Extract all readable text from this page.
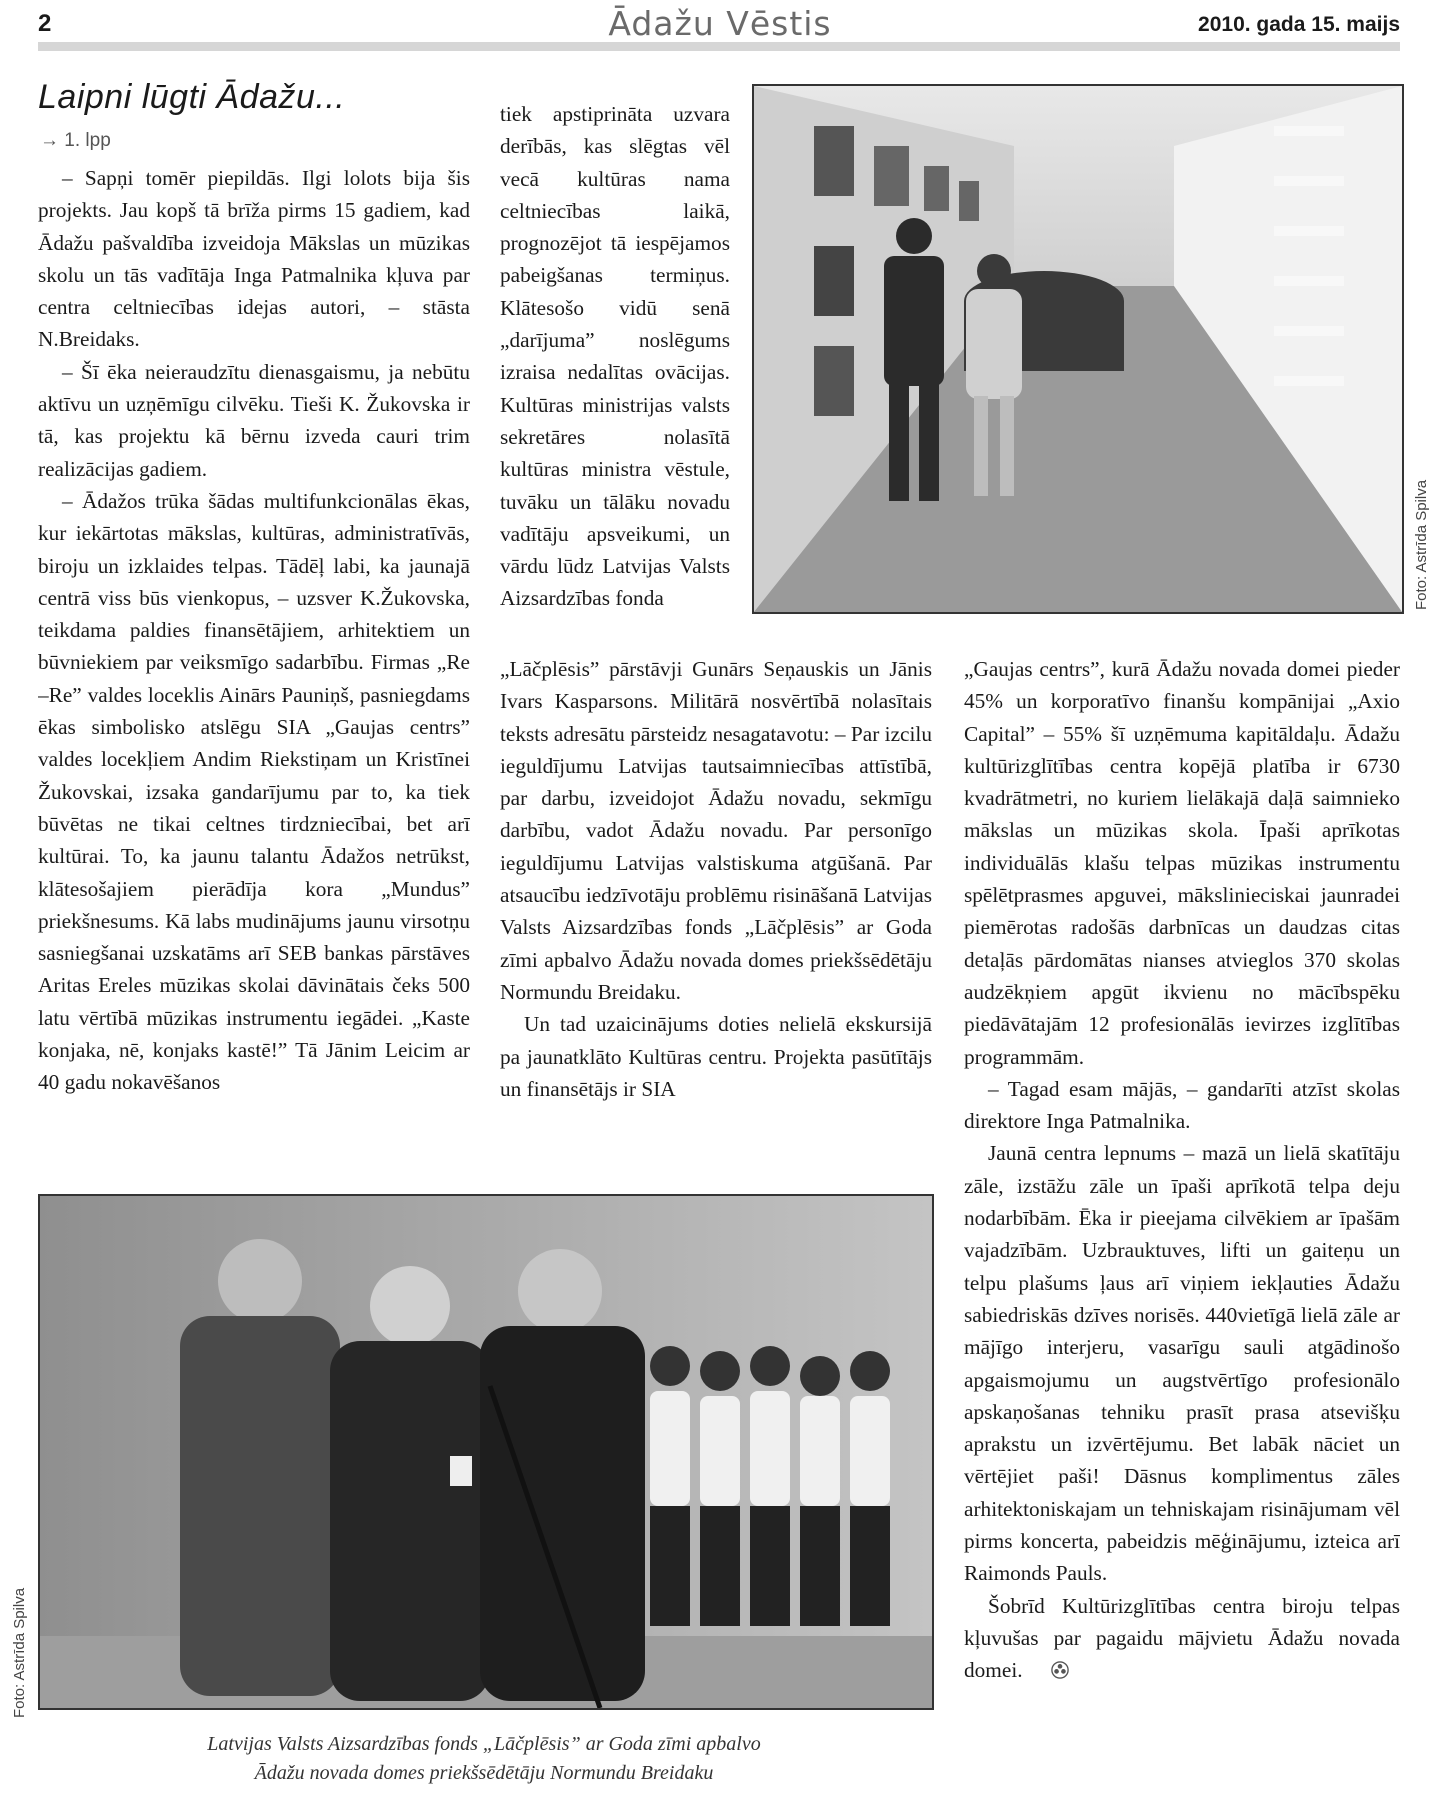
2	Ādažu Vēstis	2010. gada 15. maijs
Laipni lūgti Ādažu...
→ 1. lpp

– Sapņi tomēr piepildās. Ilgi lolots bija šis projekts. Jau kopš tā brīža pirms 15 gadiem, kad Ādažu pašvaldība izveidoja Mākslas un mūzikas skolu un tās vadītāja Inga Patmalnika kļuva par centra celtniecības idejas autori, – stāsta N.Breidaks.

– Šī ēka neieraudzītu dienasgaismu, ja nebūtu aktīvu un uzņēmīgu cilvēku. Tieši K. Žukovska ir tā, kas projektu kā bērnu izveda cauri trim realizācijas gadiem.

– Ādažos trūka šādas multifunkcionālas ēkas, kur iekārtotas mākslas, kultūras, administratīvās, biroju un izklaides telpas. Tādēļ labi, ka jaunajā centrā viss būs vienkopus, – uzsver K.Žukovska, teikdama paldies finansētājiem, arhitektiem un būvniekiem par veiksmīgo sadarbību. Firmas „Re –Re” valdes loceklis Ainārs Pauniņš, pasniegdams ēkas simbolisko atslēgu SIA „Gaujas centrs” valdes locekļiem Andim Riekstiņam un Kristīnei Žukovskai, izsaka gandarījumu par to, ka tiek būvētas ne tikai celtnes tirdzniecībai, bet arī kultūrai. To, ka jaunu talantu Ādažos netrūkst, klātesošajiem pierādīja kora „Mundus” priekšnesums. Kā labs mudinājums jaunu virsotņu sasniegšanai uzskatāms arī SEB bankas pārstāves Aritas Ereles mūzikas skolai dāvinātais čeks 500 latu vērtībā mūzikas instrumentu iegādei. „Kaste konjaka, nē, konjaks kastē!” Tā Jānim Leicim ar 40 gadu nokavēšanos

tiek apstiprināta uzvara derībās, kas slēgtas vēl vecā kultūras nama celtniecības laikā, prognozējot tā iespējamos pabeigšanas termiņus. Klātesošo vidū senā „darījuma” noslēgums izraisa nedalītas ovācijas. Kultūras ministrijas valsts sekretāres nolasītā kultūras ministra vēstule, tuvāku un tālāku novadu vadītāju apsveikumi, un vārdu lūdz Latvijas Valsts Aizsardzības fonda

„Lāčplēsis” pārstāvji Gunārs Seņauskis un Jānis Ivars Kasparsons. Militārā nosvērtībā nolasītais teksts adresātu pārsteidz nesagatavotu: – Par izcilu ieguldījumu Latvijas tautsaimniecības attīstībā, par darbu, izveidojot Ādažu novadu, sekmīgu darbību, vadot Ādažu novadu. Par personīgo ieguldījumu Latvijas valstiskuma atgūšanā. Par atsaucību iedzīvotāju problēmu risināšanā Latvijas Valsts Aizsardzības fonds „Lāčplēsis” ar Goda zīmi apbalvo Ādažu novada domes priekšsēdētāju Normundu Breidaku.

Un tad uzaicinājums doties nelielā ekskursijā pa jaunatklāto Kultūras centru. Projekta pasūtītājs un finansētājs ir SIA

„Gaujas centrs”, kurā Ādažu novada domei pieder 45% un korporatīvo finanšu kompānijai „Axio Capital” – 55% šī uzņēmuma kapitāldaļu. Ādažu kultūrizglītības centra kopējā platība ir 6730 kvadrātmetri, no kuriem lielākajā daļā saimnieko mākslas un mūzikas skola. Īpaši aprīkotas individuālās klašu telpas mūzikas instrumentu spēlētprasmes apguvei, mākslinieciskai jaunradei piemērotas radošās darbnīcas un daudzas citas detaļās pārdomātas nianses atvieglos 370 skolas audzēkņiem apgūt ikvienu no mācībspēku piedāvātajām 12 profesionālās ievirzes izglītības programmām.

– Tagad esam mājās, – gandarīti atzīst skolas direktore Inga Patmalnika.

Jaunā centra lepnums – mazā un lielā skatītāju zāle, izstāžu zāle un īpaši aprīkotā telpa deju nodarbībām. Ēka ir pieejama cilvēkiem ar īpašām vajadzībām. Uzbrauktuves, lifti un gaiteņu un telpu plašums ļaus arī viņiem iekļauties Ādažu sabiedriskās dzīves norisēs. 440vietīgā lielā zāle ar mājīgo interjeru, vasarīgu sauli atgādinošo apgaismojumu un augstvērtīgo profesionālo apskaņošanas tehniku prasīt prasa atsevišķu aprakstu un izvērtējumu. Bet labāk nāciet un vērtējiet paši! Dāsnus komplimentus zāles arhitektoniskajam un tehniskajam risinājumam vēl pirms koncerta, pabeidzis mēģinājumu, izteica arī Raimonds Pauls.

Šobrīd Kultūrizglītības centra biroju telpas kļuvušas par pagaidu mājvietu Ādažu novada domei.

Foto: Astrīda Spilva
Foto: Astrīda Spilva
Latvijas Valsts Aizsardzības fonds „Lāčplēsis” ar Goda zīmi apbalvo
Ādažu novada domes priekšsēdētāju Normundu Breidaku
